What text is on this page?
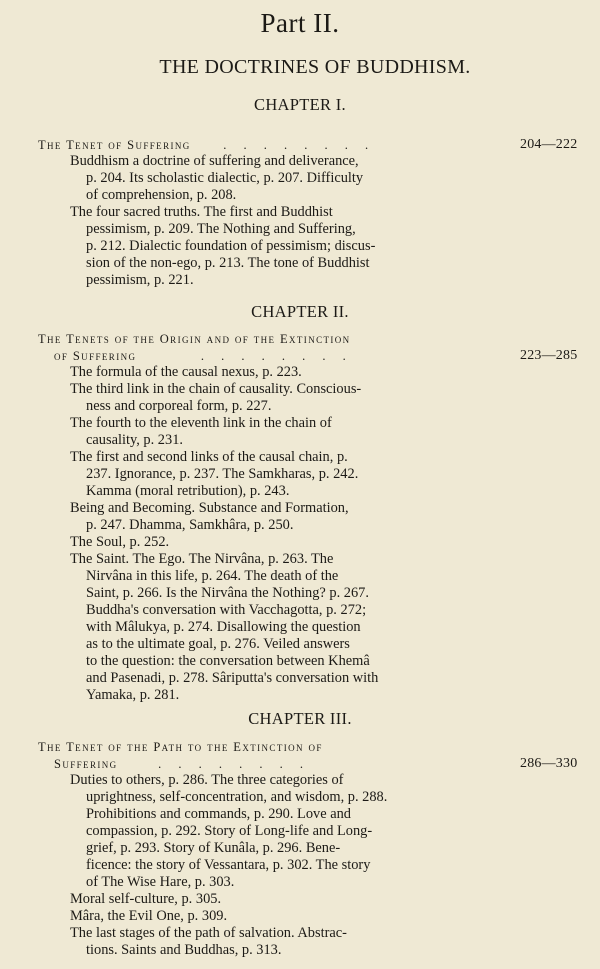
Part II.
THE DOCTRINES OF BUDDHISM.
CHAPTER I.
The Tenet of Suffering	. . . . . . . .	204—222
Buddhism a doctrine of suffering and deliverance,
p. 204. Its scholastic dialectic, p. 207. Difficulty
of comprehension, p. 208.
The four sacred truths. The first and Buddhist
pessimism, p. 209. The Nothing and Suffering,
p. 212. Dialectic foundation of pessimism; discus-
sion of the non-ego, p. 213. The tone of Buddhist
pessimism, p. 221.
CHAPTER II.
The Tenets of the Origin and of the Extinction
of Suffering	. . . . . . . .	223—285
The formula of the causal nexus, p. 223.
The third link in the chain of causality. Conscious-
ness and corporeal form, p. 227.
The fourth to the eleventh link in the chain of
causality, p. 231.
The first and second links of the causal chain, p.
237. Ignorance, p. 237. The Samkharas, p. 242.
Kamma (moral retribution), p. 243.
Being and Becoming. Substance and Formation,
p. 247. Dhamma, Samkhâra, p. 250.
The Soul, p. 252.
The Saint. The Ego. The Nirvâna, p. 263. The
Nirvâna in this life, p. 264. The death of the
Saint, p. 266. Is the Nirvâna the Nothing? p. 267.
Buddha's conversation with Vacchagotta, p. 272;
with Mâlukya, p. 274. Disallowing the question
as to the ultimate goal, p. 276. Veiled answers
to the question: the conversation between Khemâ
and Pasenadi, p. 278. Sâriputta's conversation with
Yamaka, p. 281.
CHAPTER III.
The Tenet of the Path to the Extinction of
Suffering	. . . . . . . .	286—330
Duties to others, p. 286. The three categories of
uprightness, self-concentration, and wisdom, p. 288.
Prohibitions and commands, p. 290. Love and
compassion, p. 292. Story of Long-life and Long-
grief, p. 293. Story of Kunâla, p. 296. Bene-
ficence: the story of Vessantara, p. 302. The story
of The Wise Hare, p. 303.
Moral self-culture, p. 305.
Mâra, the Evil One, p. 309.
The last stages of the path of salvation. Abstrac-
tions. Saints and Buddhas, p. 313.
